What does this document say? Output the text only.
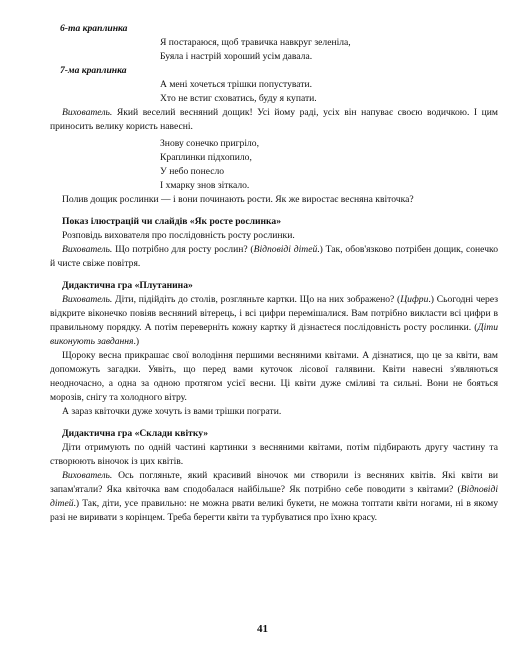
6-та краплинка
Я постараюся, щоб травичка навкруг зеленіла,
Буяла і настрій хороший усім давала.
7-ма краплинка
А мені хочеться трішки попустувати.
Хто не встиг сховатись, буду я купати.

Вихователь. Який веселий весняний дощик! Усі йому раді, усіх він напуває своєю водичкою. І цим приносить велику користь навесні.

Знову сонечко пригріло,
Краплинки підхопило,
У небо понесло
І хмарку знов зіткало.

Полив дощик рослинки — і вони починають рости. Як же виростає весняна квіточка?

Показ ілюстрацій чи слайдів «Як росте рослинка»

Розповідь вихователя про послідовність росту рослинки.

Вихователь. Що потрібно для росту рослин? (Відповіді дітей.) Так, обов'язково потрібен дощик, сонечко й чисте свіже повітря.

Дидактична гра «Плутанина»

Вихователь. Діти, підійдіть до столів, розгляньте картки. Що на них зображено? (Цифри.) Сьогодні через відкрите віконечко повіяв весняний вітерець, і всі цифри перемішалися. Вам потрібно викласти всі цифри в правильному порядку. А потім переверніть кожну картку й дізнаєтеся послідовність росту рослинки. (Діти виконують завдання.)

Щороку весна прикрашає свої володіння першими весняними квітами. А дізнатися, що це за квіти, вам допоможуть загадки. Уявіть, що перед вами куточок лісової галявини. Квіти навесні з'являються неодночасно, а одна за одною протягом усієї весни. Ці квіти дуже сміливі та сильні. Вони не бояться морозів, снігу та холодного вітру.

А зараз квіточки дуже хочуть із вами трішки пограти.

Дидактична гра «Склади квітку»

Діти отримують по одній частині картинки з весняними квітами, потім підбирають другу частину та створюють віночок із цих квітів.

Вихователь. Ось погляньте, який красивий віночок ми створили із весняних квітів. Які квіти ви запам'ятали? Яка квіточка вам сподобалася найбільше? Як потрібно себе поводити з квітами? (Відповіді дітей.) Так, діти, усе правильно: не можна рвати великі букети, не можна топтати квіти ногами, ні в якому разі не виривати з корінцем. Треба берегти квіти та турбуватися про їхню красу.

41
